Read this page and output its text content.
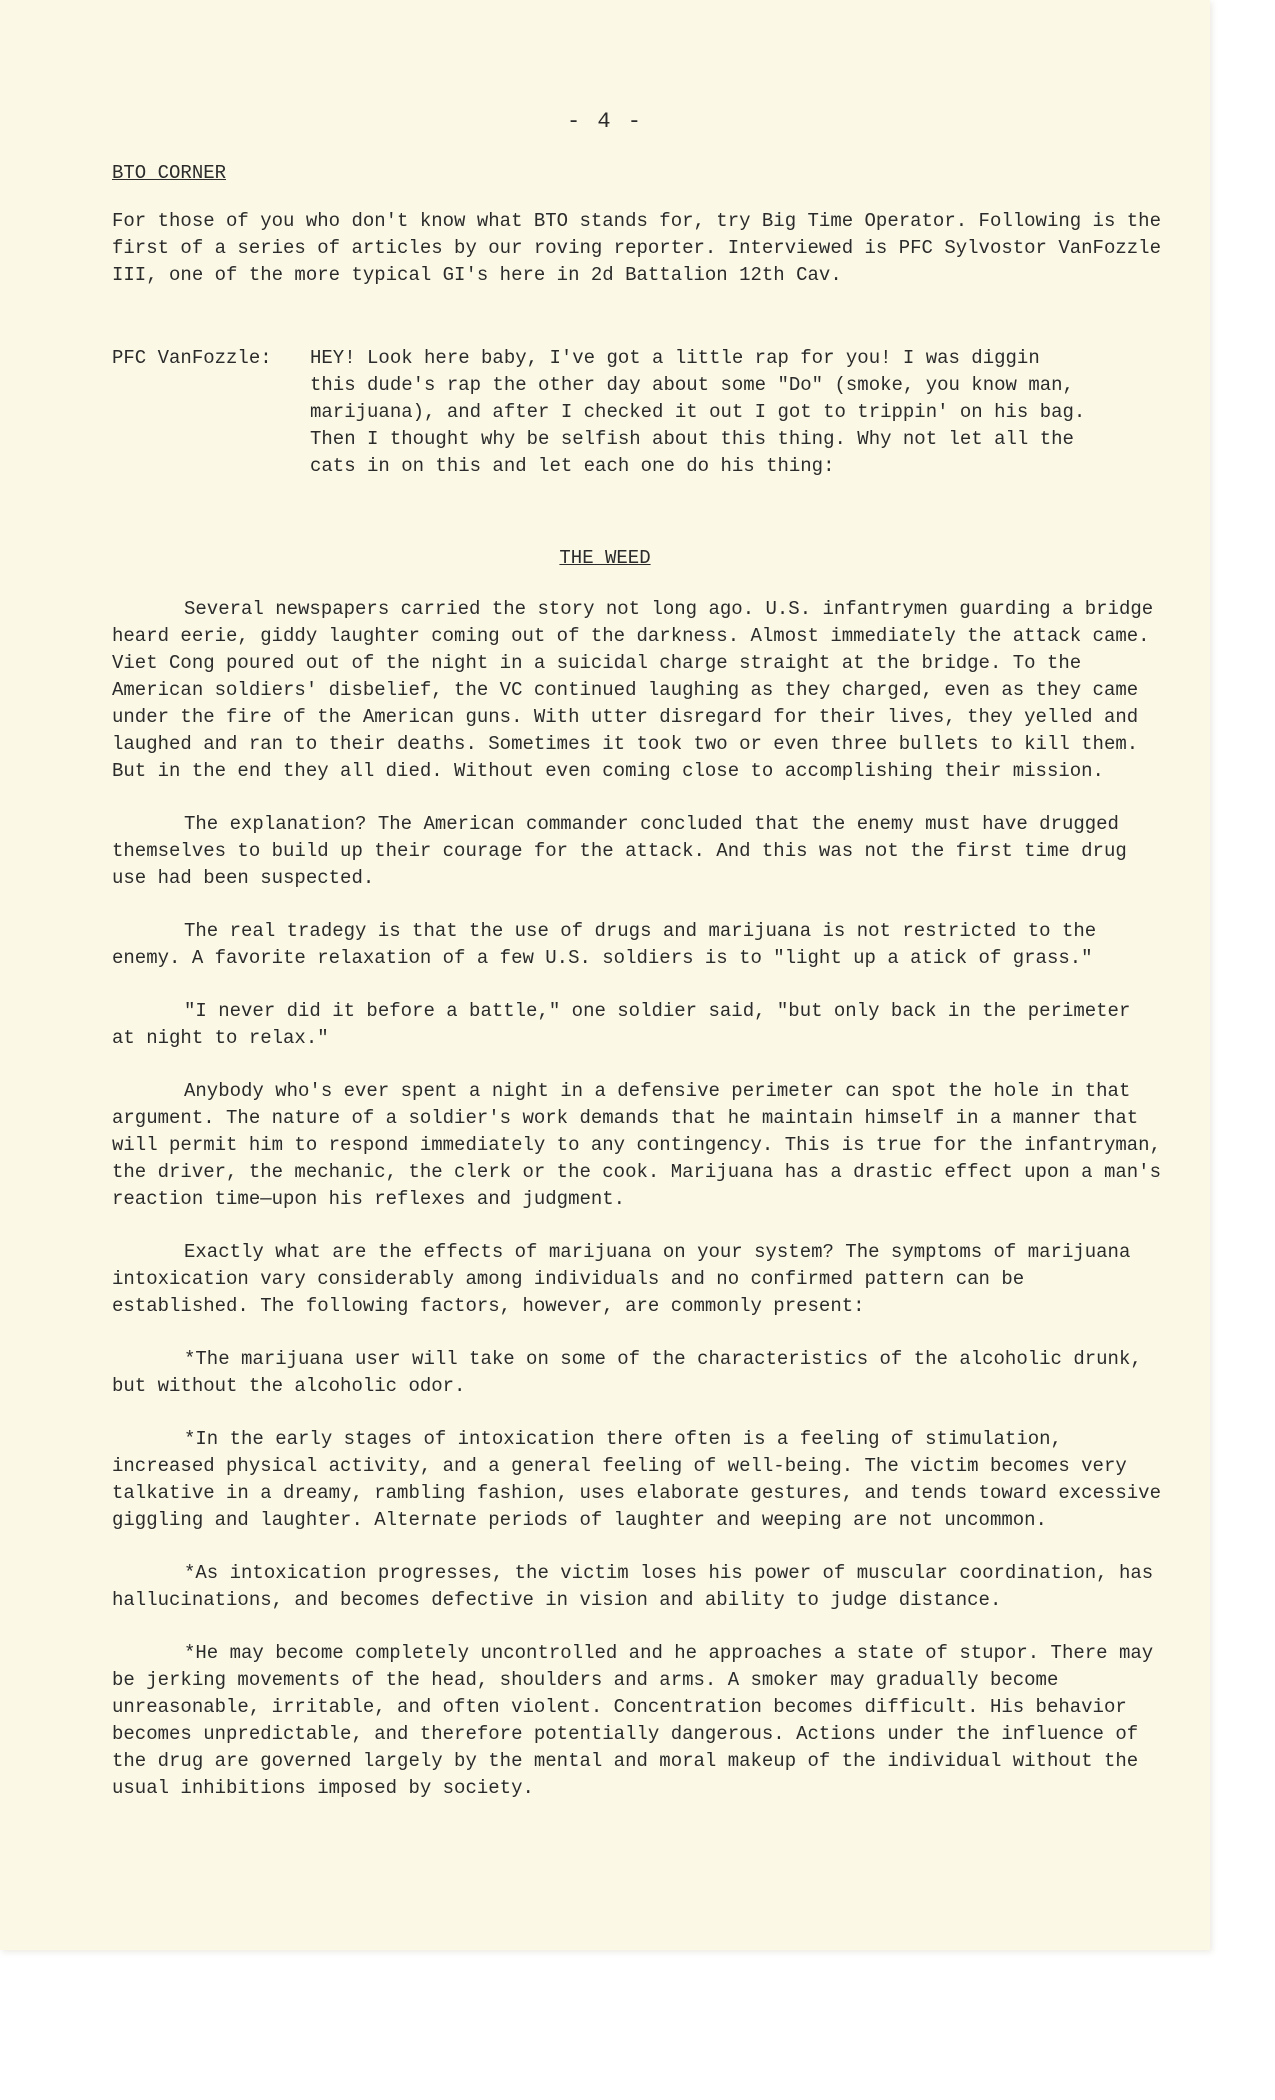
- 4 -

BTO CORNER

For those of you who don't know what BTO stands for, try Big Time Operator. Following is the first of a series of articles by our roving reporter. Interviewed is PFC Sylvostor VanFozzle III, one of the more typical GI's here in 2d Battalion 12th Cav.

PFC VanFozzle:	HEY! Look here baby, I've got a little rap for you! I was diggin this dude's rap the other day about some "Do" (smoke, you know man, marijuana), and after I checked it out I got to trippin' on his bag. Then I thought why be selfish about this thing. Why not let all the cats in on this and let each one do his thing:
THE WEED

Several newspapers carried the story not long ago. U.S. infantrymen guarding a bridge heard eerie, giddy laughter coming out of the darkness. Almost immediately the attack came. Viet Cong poured out of the night in a suicidal charge straight at the bridge. To the American soldiers' disbelief, the VC continued laughing as they charged, even as they came under the fire of the American guns. With utter disregard for their lives, they yelled and laughed and ran to their deaths. Sometimes it took two or even three bullets to kill them. But in the end they all died. Without even coming close to accomplishing their mission.

The explanation? The American commander concluded that the enemy must have drugged themselves to build up their courage for the attack. And this was not the first time drug use had been suspected.

The real tradegy is that the use of drugs and marijuana is not restricted to the enemy. A favorite relaxation of a few U.S. soldiers is to "light up a atick of grass."

"I never did it before a battle," one soldier said, "but only back in the perimeter at night to relax."

Anybody who's ever spent a night in a defensive perimeter can spot the hole in that argument. The nature of a soldier's work demands that he maintain himself in a manner that will permit him to respond immediately to any contingency. This is true for the infantryman, the driver, the mechanic, the clerk or the cook. Marijuana has a drastic effect upon a man's reaction time—upon his reflexes and judgment.

Exactly what are the effects of marijuana on your system? The symptoms of marijuana intoxication vary considerably among individuals and no confirmed pattern can be established. The following factors, however, are commonly present:

*The marijuana user will take on some of the characteristics of the alcoholic drunk, but without the alcoholic odor.

*In the early stages of intoxication there often is a feeling of stimulation, increased physical activity, and a general feeling of well-being. The victim becomes very talkative in a dreamy, rambling fashion, uses elaborate gestures, and tends toward excessive giggling and laughter. Alternate periods of laughter and weeping are not uncommon.

*As intoxication progresses, the victim loses his power of muscular coordination, has hallucinations, and becomes defective in vision and ability to judge distance.

*He may become completely uncontrolled and he approaches a state of stupor. There may be jerking movements of the head, shoulders and arms. A smoker may gradually become unreasonable, irritable, and often violent. Concentration becomes difficult. His behavior becomes unpredictable, and therefore potentially dangerous. Actions under the influence of the drug are governed largely by the mental and moral makeup of the individual without the usual inhibitions imposed by society.
